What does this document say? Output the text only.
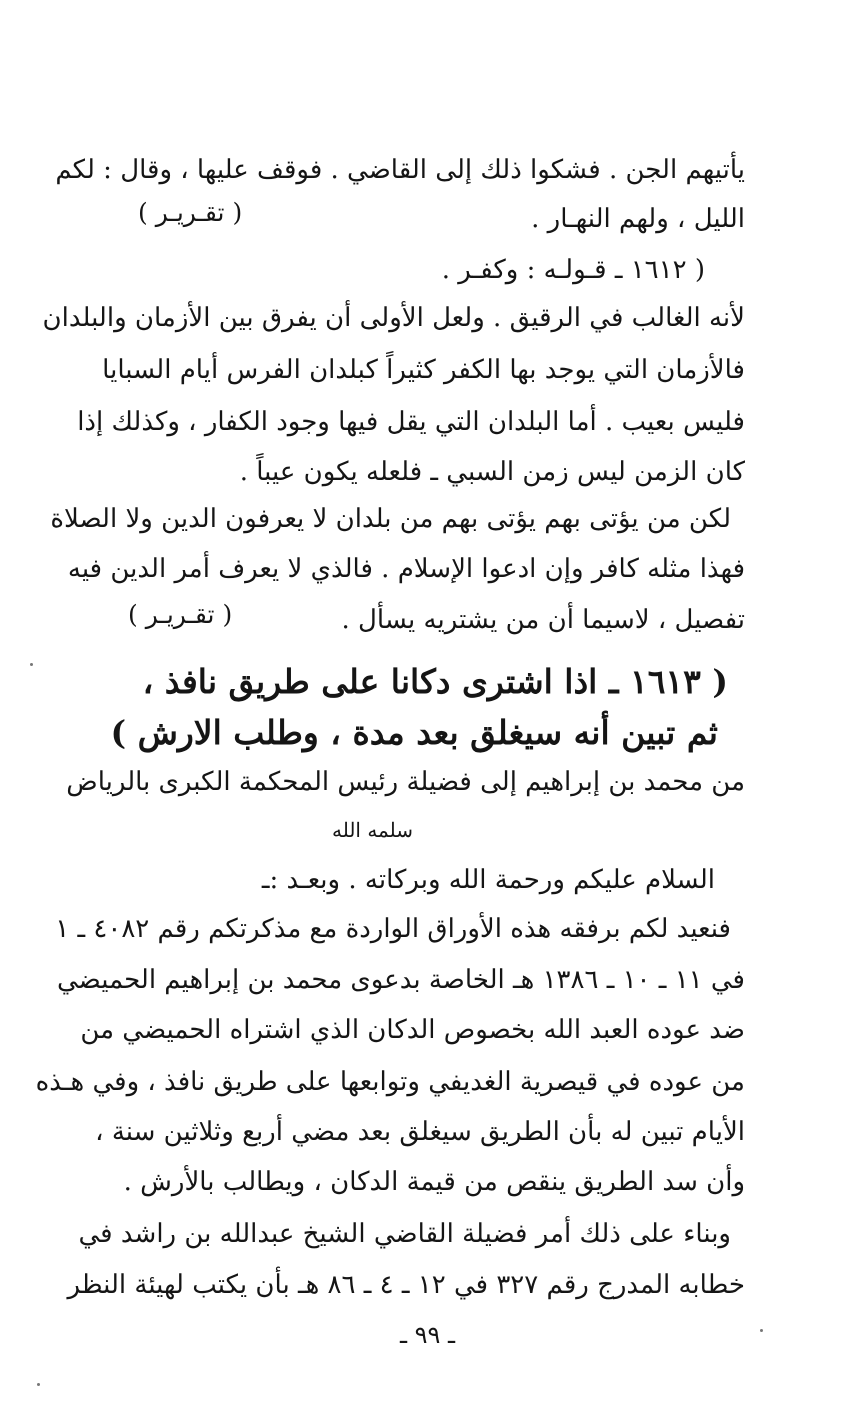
يأتيهم الجن . فشكوا ذلك إلى القاضي . فوقف عليها ، وقال : لكم
الليل ، ولهم النهـار .
( تقـريـر )
( ١٦١٢ ـ قـولـه : وكفـر .
لأنه الغالب في الرقيق . ولعل الأولى أن يفرق بين الأزمان والبلدان
فالأزمان التي يوجد بها الكفر كثيراً كبلدان الفرس أيام السبايا
فليس بعيب . أما البلدان التي يقل فيها وجود الكفار ، وكذلك إذا
كان الزمن ليس زمن السبي ـ فلعله يكون عيباً .
لكن من يؤتى بهم يؤتى بهم من بلدان لا يعرفون الدين ولا الصلاة
فهذا مثله كافر وإن ادعوا الإسلام . فالذي لا يعرف أمر الدين فيه
تفصيل ، لاسيما أن من يشتريه يسأل .
( تقـريـر )
( ١٦١٣ ـ اذا اشترى دكانا على طريق نافذ ،
ثم تبين أنه سيغلق بعد مدة ، وطلب الارش )
من محمد بن إبراهيم إلى فضيلة رئيس المحكمة الكبرى بالرياض
سلمه الله
السلام عليكم ورحمة الله وبركاته . وبعـد :ـ
فنعيد لكم برفقه هذه الأوراق الواردة مع مذكرتكم رقم ٤٠٨٢ ـ ١
في ١١ ـ ١٠ ـ ١٣٨٦ هـ الخاصة بدعوى محمد بن إبراهيم الحميضي
ضد عوده العبد الله بخصوص الدكان الذي اشتراه الحميضي من
من عوده في قيصرية الغديفي وتوابعها على طريق نافذ ، وفي هـذه
الأيام تبين له بأن الطريق سيغلق بعد مضي أربع وثلاثين سنة ،
وأن سد الطريق ينقص من قيمة الدكان ، ويطالب بالأرش .
وبناء على ذلك أمر فضيلة القاضي الشيخ عبدالله بن راشد في
خطابه المدرج رقم ٣٢٧ في ١٢ ـ ٤ ـ ٨٦ هـ بأن يكتب لهيئة النظر
ـ ٩٩ ـ
